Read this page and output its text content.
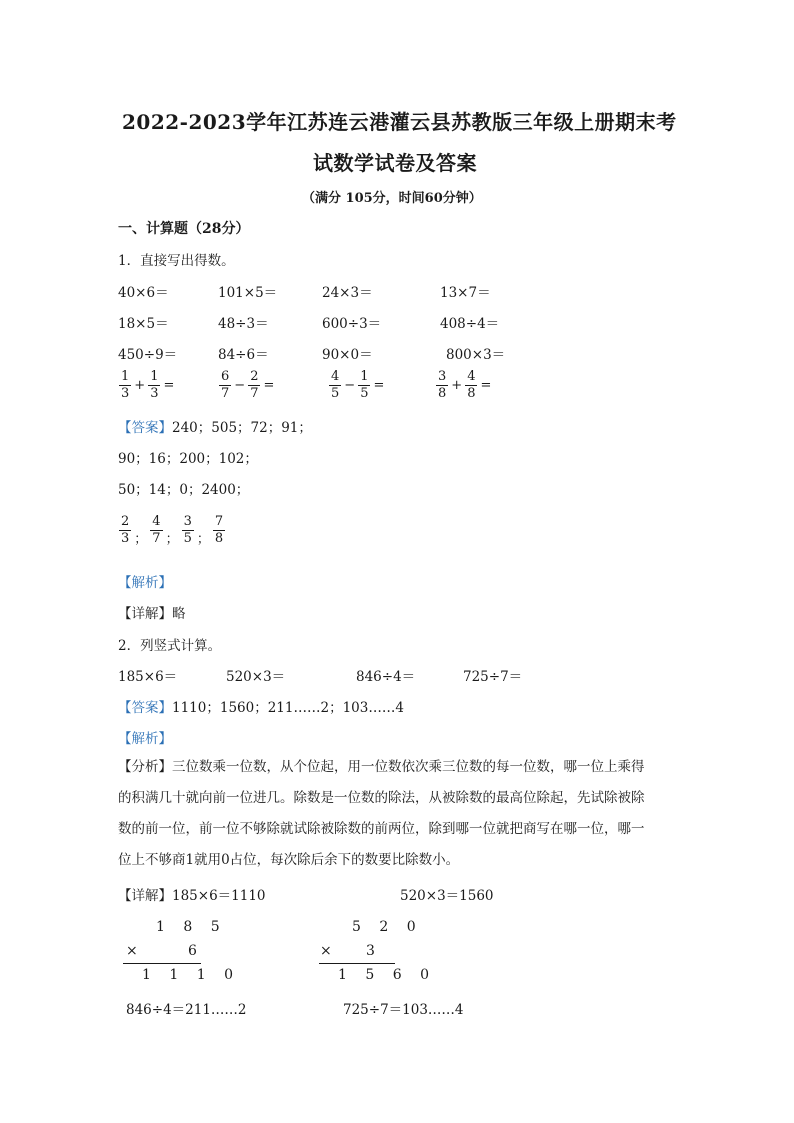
2022-2023学年江苏连云港灌云县苏教版三年级上册期末考
试数学试卷及答案
（满分 105分，时间60分钟）
一、计算题（28分）
1．直接写出得数。
40×6＝	101×5＝	24×3＝	13×7＝
18×5＝	48÷3＝	600÷3＝	408÷4＝
450÷9＝	84÷6＝	90×0＝	800×3＝
$\frac{1}{3} + \frac{1}{3}$ =	$\frac{6}{7} - \frac{2}{7}$ =	$\frac{4}{5} - \frac{1}{5}$ =	$\frac{3}{8} + \frac{4}{8}$ =
【答案】240；505；72；91；
90；16；200；102；
50；14；0；2400；
$\frac{2}{3}$ ； $\frac{4}{7}$ ； $\frac{3}{5}$ ； $\frac{7}{8}$
【解析】
【详解】略
2．列竖式计算。
185×6＝	520×3＝	846÷4＝	725÷7＝
【答案】1110；1560；211……2；103……4
【解析】
【分析】三位数乘一位数，从个位起，用一位数依次乘三位数的每一位数，哪一位上乘得
的积满几十就向前一位进几。除数是一位数的除法，从被除数的最高位除起，先试除被除
数的前一位，前一位不够除就试除被除数的前两位，除到哪一位就把商写在哪一位，哪一
位上不够商1就用0占位，每次除后余下的数要比除数小。
【详解】185×6＝1110	520×3＝1560
1 8 5
×	6
1 1 1 0
5 2 0
× 3
1 5 6 0
846÷4＝211……2	725÷7＝103……4
